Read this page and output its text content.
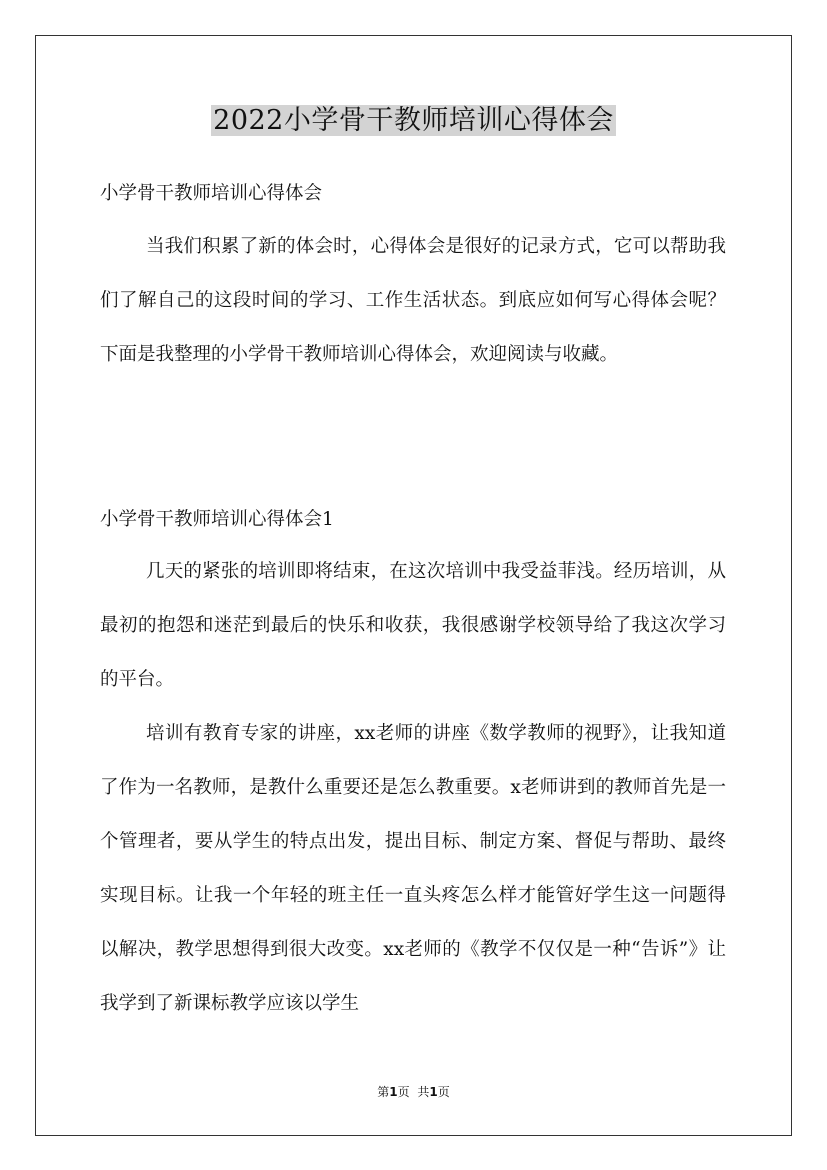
2022小学骨干教师培训心得体会

小学骨干教师培训心得体会

当我们积累了新的体会时，心得体会是很好的记录方式，它可以帮助我们了解自己的这段时间的学习、工作生活状态。到底应如何写心得体会呢？下面是我整理的小学骨干教师培训心得体会，欢迎阅读与收藏。

小学骨干教师培训心得体会1

几天的紧张的培训即将结束，在这次培训中我受益菲浅。经历培训，从最初的抱怨和迷茫到最后的快乐和收获，我很感谢学校领导给了我这次学习的平台。

培训有教育专家的讲座，xx老师的讲座《数学教师的视野》，让我知道了作为一名教师，是教什么重要还是怎么教重要。x老师讲到的教师首先是一个管理者，要从学生的特点出发，提出目标、制定方案、督促与帮助、最终实现目标。让我一个年轻的班主任一直头疼怎么样才能管好学生这一问题得以解决，教学思想得到很大改变。xx老师的《教学不仅仅是一种“告诉”》让我学到了新课标教学应该以学生

第1页 共1页
